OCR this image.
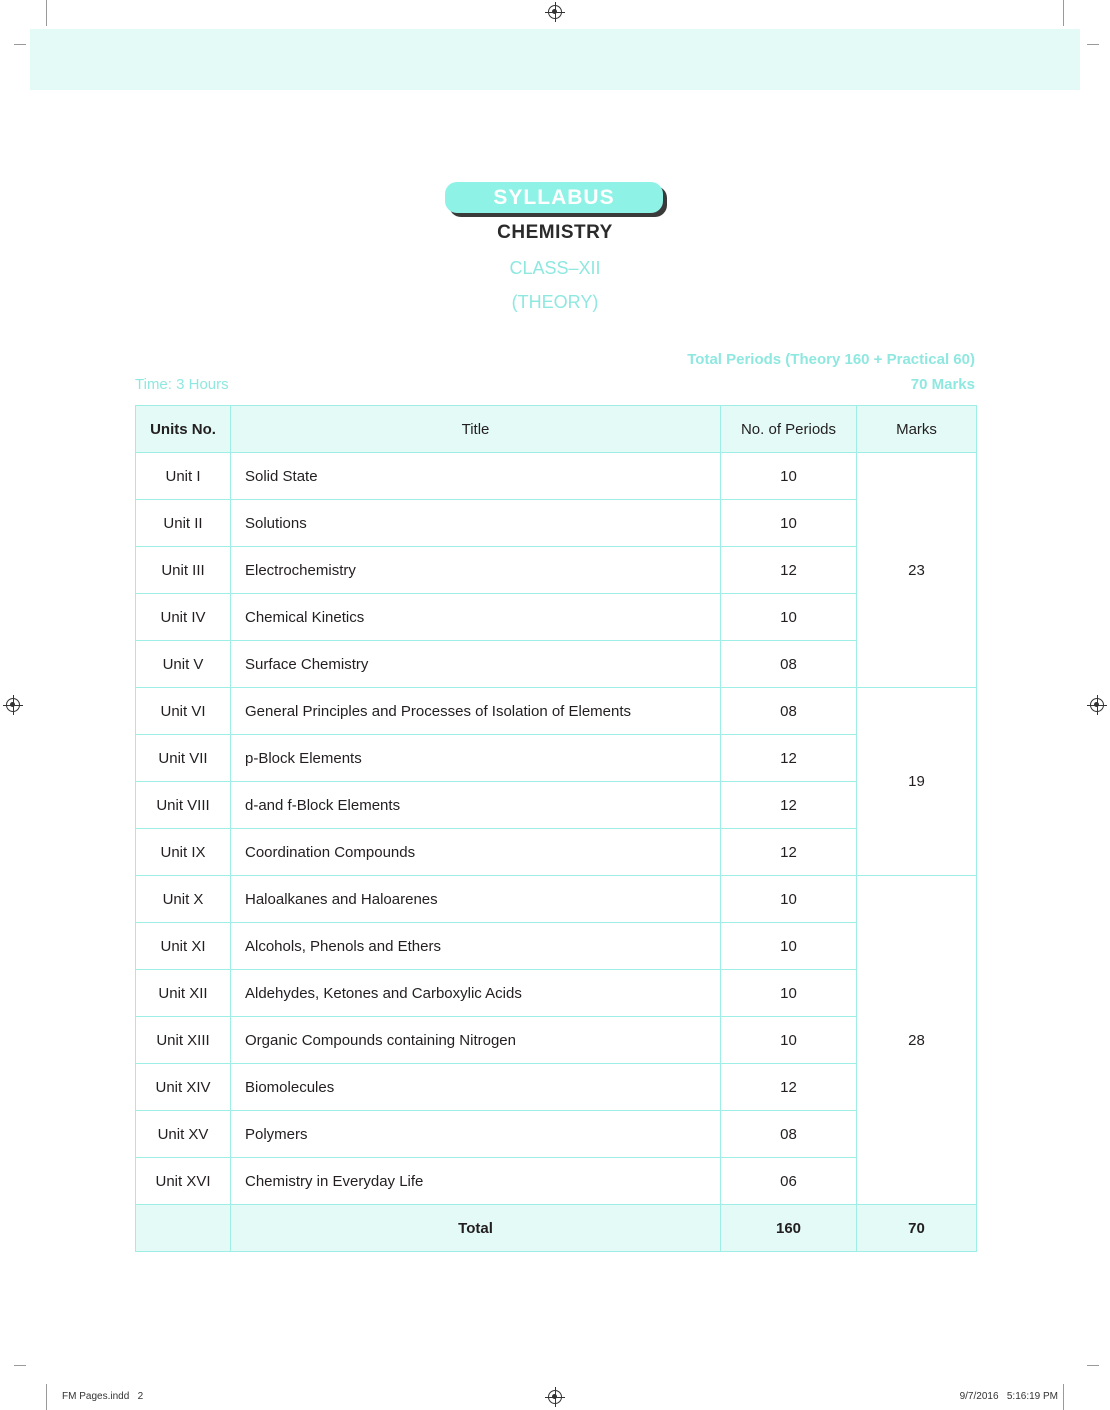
SYLLABUS
CHEMISTRY
CLASS–XII
(THEORY)
Total Periods (Theory 160 + Practical 60)
Time: 3 Hours	70 Marks
Units No.	Title	No. of Periods	Marks
Unit I	Solid State	10	23
Unit II	Solutions	10	
Unit III	Electrochemistry	12	
Unit IV	Chemical Kinetics	10	
Unit V	Surface Chemistry	08	
Unit VI	General Principles and Processes of Isolation of Elements	08	19
Unit VII	p-Block Elements	12	
Unit VIII	d-and f-Block Elements	12	
Unit IX	Coordination Compounds	12	
Unit X	Haloalkanes and Haloarenes	10	28
Unit XI	Alcohols, Phenols and Ethers	10	
Unit XII	Aldehydes, Ketones and Carboxylic Acids	10	
Unit XIII	Organic Compounds containing Nitrogen	10	
Unit XIV	Biomolecules	12	
Unit XV	Polymers	08	
Unit XVI	Chemistry in Everyday Life	06	
	Total	160	70
FM Pages.indd   2	9/7/2016   5:16:19 PM
